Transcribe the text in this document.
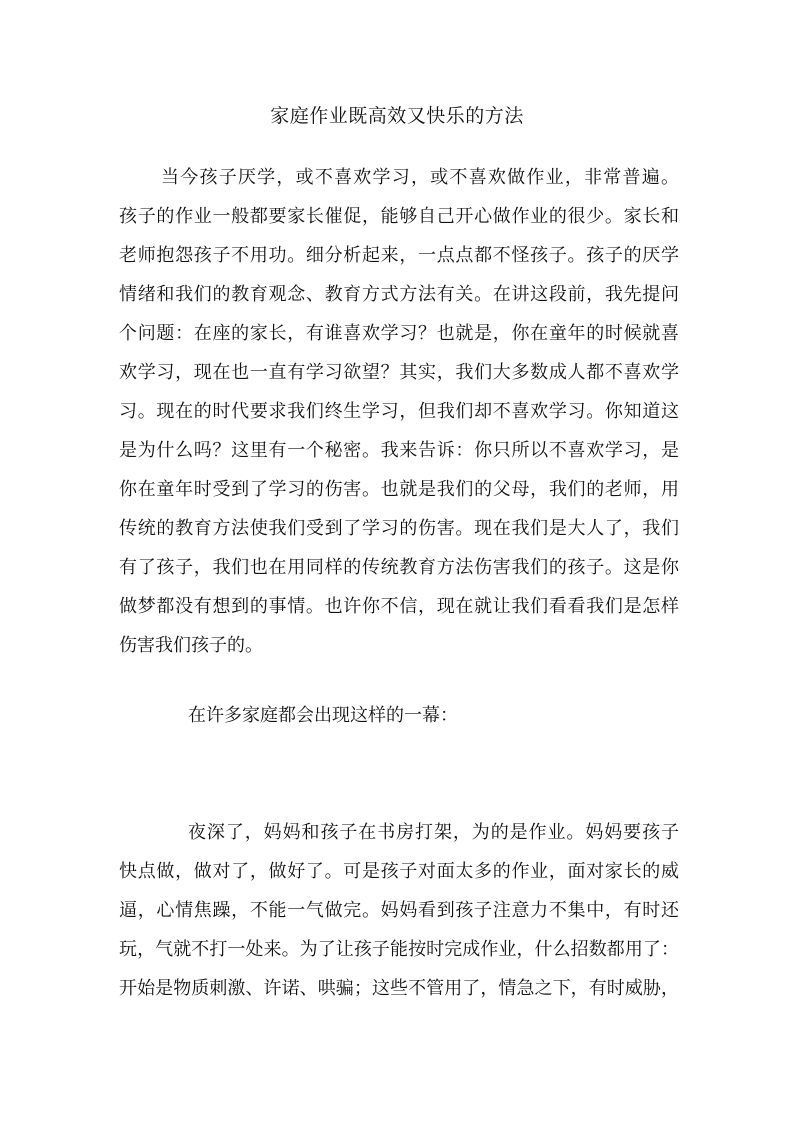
家庭作业既高效又快乐的方法
当今孩子厌学，或不喜欢学习，或不喜欢做作业，非常普遍。
孩子的作业一般都要家长催促，能够自己开心做作业的很少。家长和
老师抱怨孩子不用功。细分析起来，一点点都不怪孩子。孩子的厌学
情绪和我们的教育观念、教育方式方法有关。在讲这段前，我先提问
个问题：在座的家长，有谁喜欢学习？也就是，你在童年的时候就喜
欢学习，现在也一直有学习欲望？其实，我们大多数成人都不喜欢学
习。现在的时代要求我们终生学习，但我们却不喜欢学习。你知道这
是为什么吗？这里有一个秘密。我来告诉：你只所以不喜欢学习，是
你在童年时受到了学习的伤害。也就是我们的父母，我们的老师，用
传统的教育方法使我们受到了学习的伤害。现在我们是大人了，我们
有了孩子，我们也在用同样的传统教育方法伤害我们的孩子。这是你
做梦都没有想到的事情。也许你不信，现在就让我们看看我们是怎样
伤害我们孩子的。
在许多家庭都会出现这样的一幕：
夜深了，妈妈和孩子在书房打架，为的是作业。妈妈要孩子
快点做，做对了，做好了。可是孩子对面太多的作业，面对家长的威
逼，心情焦躁，不能一气做完。妈妈看到孩子注意力不集中，有时还
玩，气就不打一处来。为了让孩子能按时完成作业，什么招数都用了：
开始是物质刺激、许诺、哄骗；这些不管用了，情急之下，有时威胁，
